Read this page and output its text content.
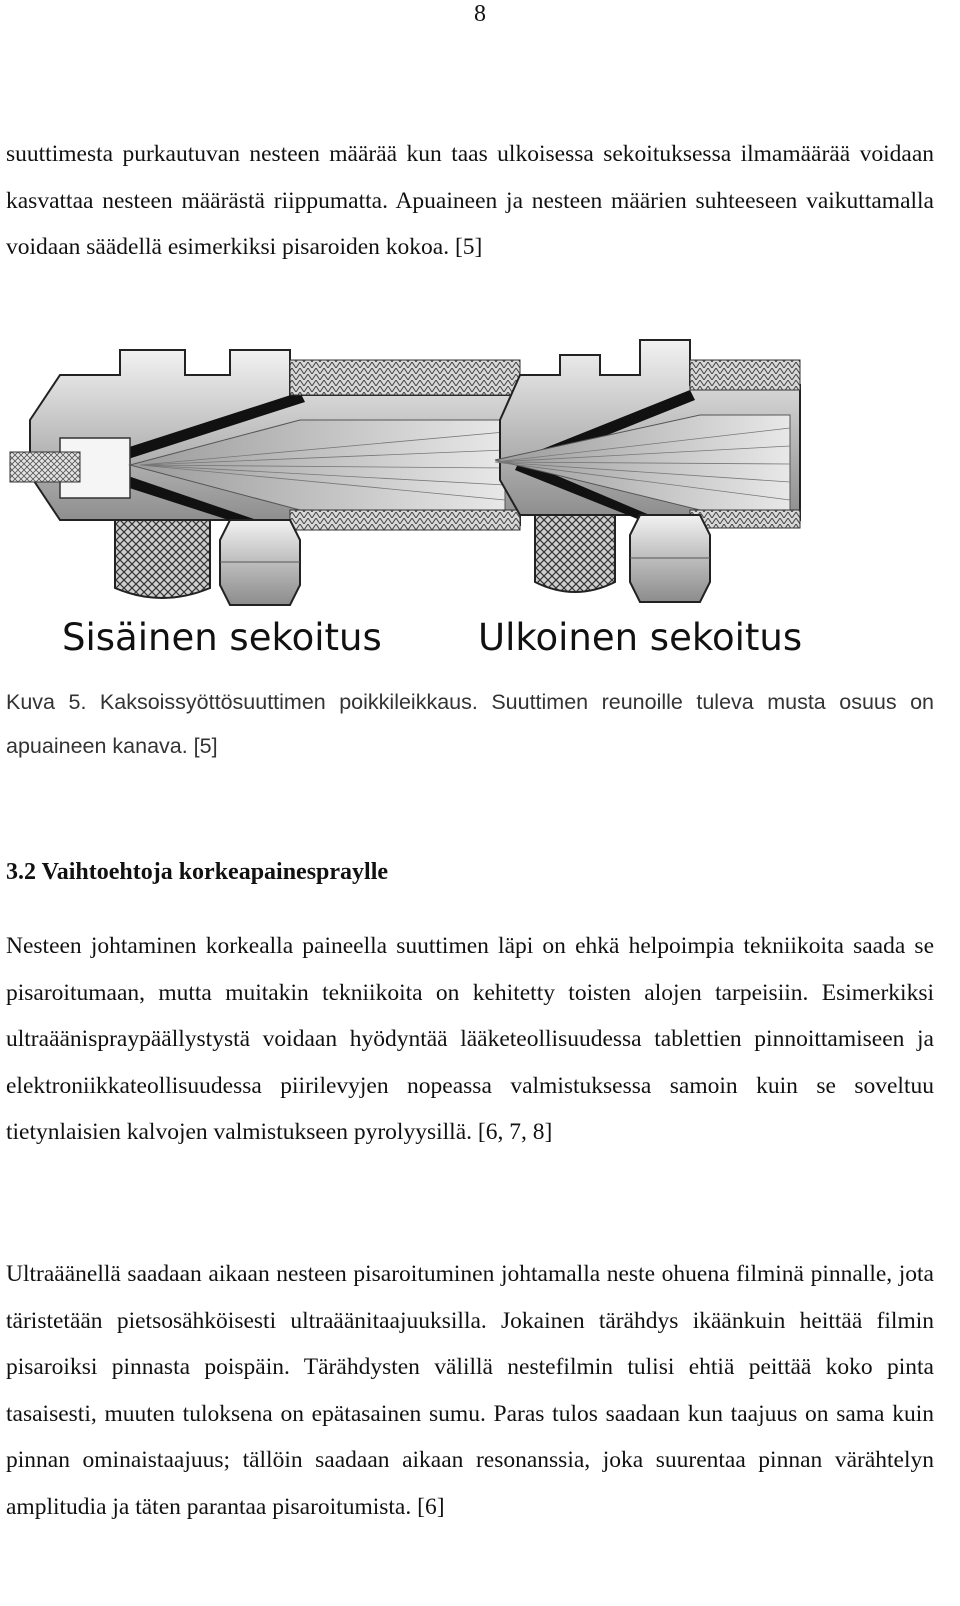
8

suuttimesta purkautuvan nesteen määrää kun taas ulkoisessa sekoituksessa ilmamäärää voidaan kasvattaa nesteen määrästä riippumatta. Apuaineen ja nesteen määrien suhteeseen vaikuttamalla voidaan säädellä esimerkiksi pisaroiden kokoa. [5]

Sisäinen sekoitus	Ulkoinen sekoitus

Kuva 5. Kaksoissyöttösuuttimen poikkileikkaus. Suuttimen reunoille tuleva musta osuus on apuaineen kanava. [5]

3.2 Vaihtoehtoja korkeapainespraylle

Nesteen johtaminen korkealla paineella suuttimen läpi on ehkä helpoimpia tekniikoita saada se pisaroitumaan, mutta muitakin tekniikoita on kehitetty toisten alojen tarpeisiin. Esimerkiksi ultraäänispraypäällystystä voidaan hyödyntää lääketeollisuudessa tablettien pinnoittamiseen ja elektroniikkateollisuudessa piirilevyjen nopeassa valmistuksessa samoin kuin se soveltuu tietynlaisien kalvojen valmistukseen pyrolyysillä. [6, 7, 8]

Ultraäänellä saadaan aikaan nesteen pisaroituminen johtamalla neste ohuena filminä pinnalle, jota täristetään pietsosähköisesti ultraäänitaajuuksilla. Jokainen tärähdys ikäänkuin heittää filmin pisaroiksi pinnasta poispäin. Tärähdysten välillä nestefilmin tulisi ehtiä peittää koko pinta tasaisesti, muuten tuloksena on epätasainen sumu. Paras tulos saadaan kun taajuus on sama kuin pinnan ominaistaajuus; tällöin saadaan aikaan resonanssia, joka suurentaa pinnan värähtelyn amplitudia ja täten parantaa pisaroitumista. [6]
